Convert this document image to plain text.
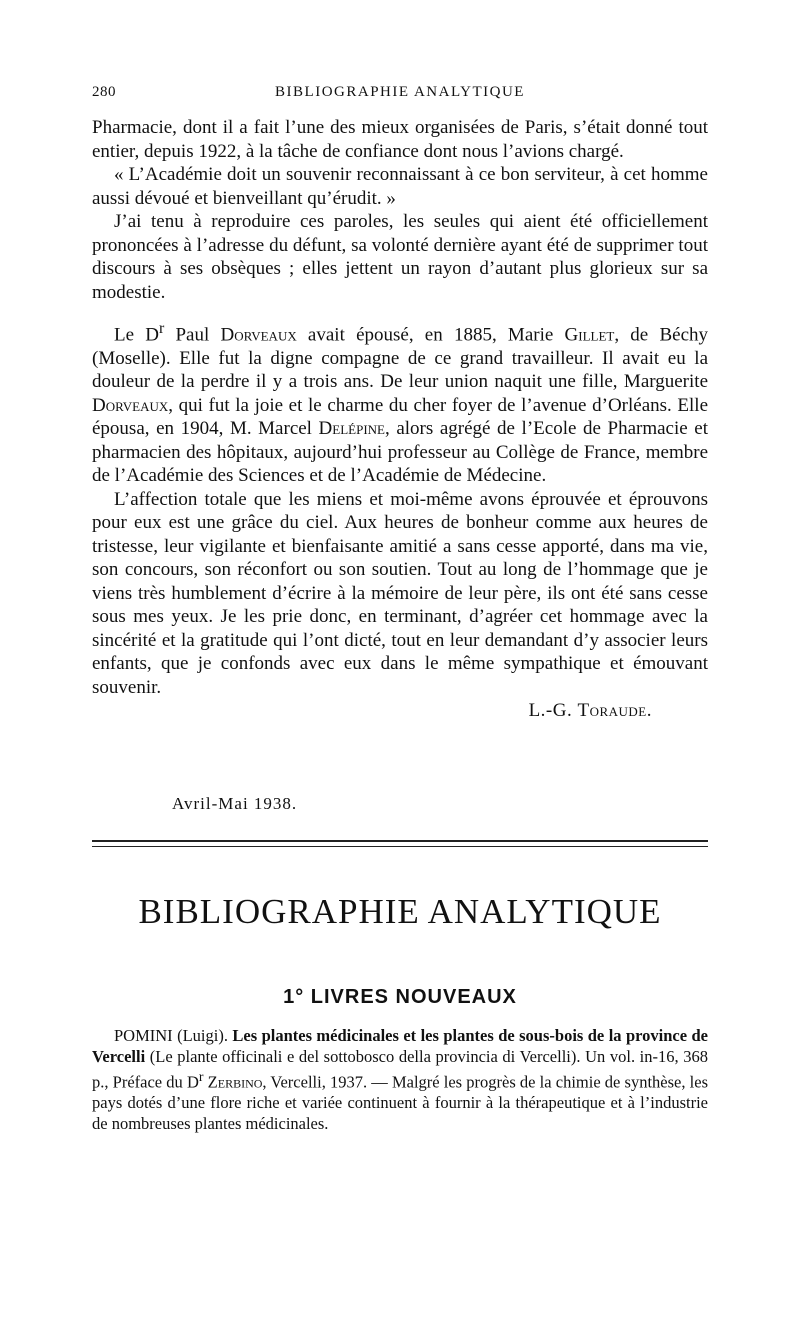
280	BIBLIOGRAPHIE ANALYTIQUE

Pharmacie, dont il a fait l’une des mieux organisées de Paris, s’était donné tout entier, depuis 1922, à la tâche de confiance dont nous l’avions chargé.

« L’Académie doit un souvenir reconnaissant à ce bon serviteur, à cet homme aussi dévoué et bienveillant qu’érudit. »

J’ai tenu à reproduire ces paroles, les seules qui aient été officiellement prononcées à l’adresse du défunt, sa volonté dernière ayant été de supprimer tout discours à ses obsèques ; elles jettent un rayon d’autant plus glorieux sur sa modestie.

Le $D^r$ Paul Dorveaux avait épousé, en 1885, Marie Gillet, de Béchy (Moselle). Elle fut la digne compagne de ce grand travailleur. Il avait eu la douleur de la perdre il y a trois ans. De leur union naquit une fille, Marguerite Dorveaux, qui fut la joie et le charme du cher foyer de l’avenue d’Orléans. Elle épousa, en 1904, M. Marcel Delépine, alors agrégé de l’Ecole de Pharmacie et pharmacien des hôpitaux, aujourd’hui professeur au Collège de France, membre de l’Académie des Sciences et de l’Académie de Médecine.

L’affection totale que les miens et moi-même avons éprouvée et éprouvons pour eux est une grâce du ciel. Aux heures de bonheur comme aux heures de tristesse, leur vigilante et bienfaisante amitié a sans cesse apporté, dans ma vie, son concours, son réconfort ou son soutien. Tout au long de l’hommage que je viens très humblement d’écrire à la mémoire de leur père, ils ont été sans cesse sous mes yeux. Je les prie donc, en terminant, d’agréer cet hommage avec la sincérité et la gratitude qui l’ont dicté, tout en leur demandant d’y associer leurs enfants, que je confonds avec eux dans le même sympathique et émouvant souvenir.

L.-G. Toraude.

Avril-Mai 1938.
BIBLIOGRAPHIE ANALYTIQUE
1° LIVRES NOUVEAUX

POMINI (Luigi). Les plantes médicinales et les plantes de sous-bois de la province de Vercelli (Le plante officinali e del sottobosco della provincia di Vercelli). Un vol. in-16, 368 p., Préface du $D^r$ Zerbino, Vercelli, 1937. — Malgré les progrès de la chimie de synthèse, les pays dotés d’une flore riche et variée continuent à fournir à la thérapeutique et à l’industrie de nombreuses plantes médicinales.
